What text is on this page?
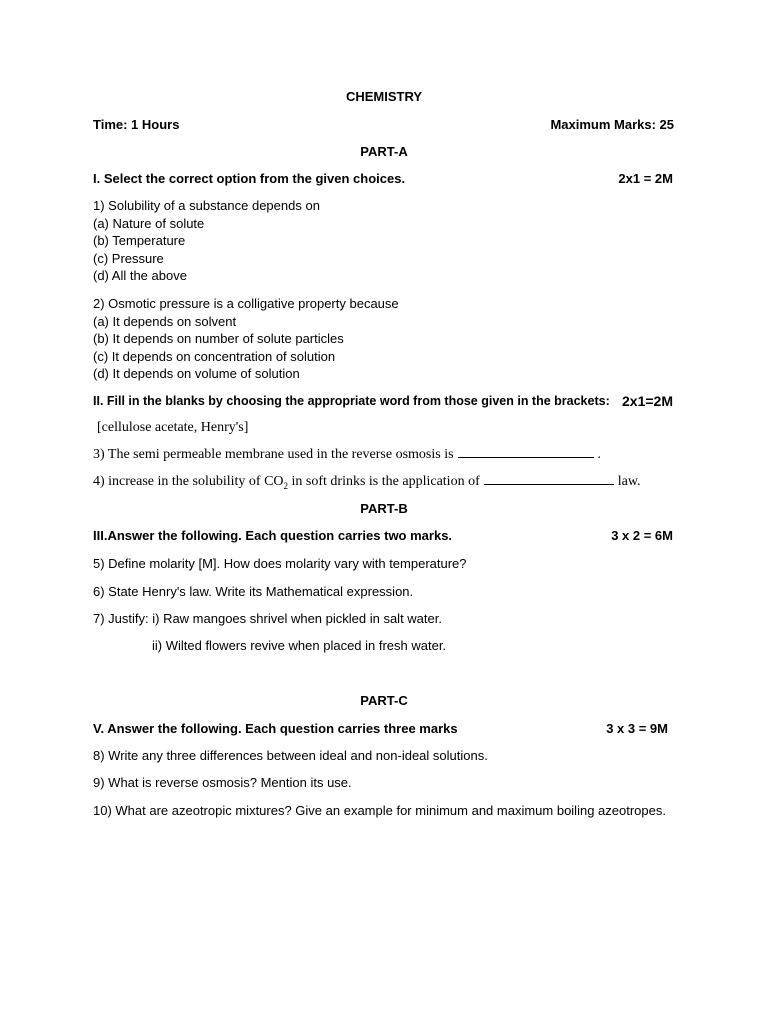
CHEMISTRY
Time: 1 Hours	Maximum Marks: 25
PART-A
I. Select the correct option from the given choices.	2x1 = 2M
1) Solubility of a substance depends on
(a) Nature of solute
(b) Temperature
(c) Pressure
(d) All the above
2) Osmotic pressure is a colligative property because
(a) It depends on solvent
(b) It depends on number of solute particles
(c) It depends on concentration of solution
(d) It depends on volume of solution
II. Fill in the blanks by choosing the appropriate word from those given in the brackets: 2x1=2M
[cellulose acetate, Henry's]
3) The semi permeable membrane used in the reverse osmosis is	.
4) increase in the solubility of $CO_2$ in soft drinks is the application of	law.
PART-B
III.Answer the following. Each question carries two marks.	3 x 2 = 6M
5) Define molarity [M]. How does molarity vary with temperature?
6) State Henry's law. Write its Mathematical expression.
7) Justify: i) Raw mangoes shrivel when pickled in salt water.
ii) Wilted flowers revive when placed in fresh water.
PART-C
V. Answer the following. Each question carries three marks	3 x 3 = 9M
8) Write any three differences between ideal and non-ideal solutions.
9) What is reverse osmosis? Mention its use.
10) What are azeotropic mixtures? Give an example for minimum and maximum boiling azeotropes.
